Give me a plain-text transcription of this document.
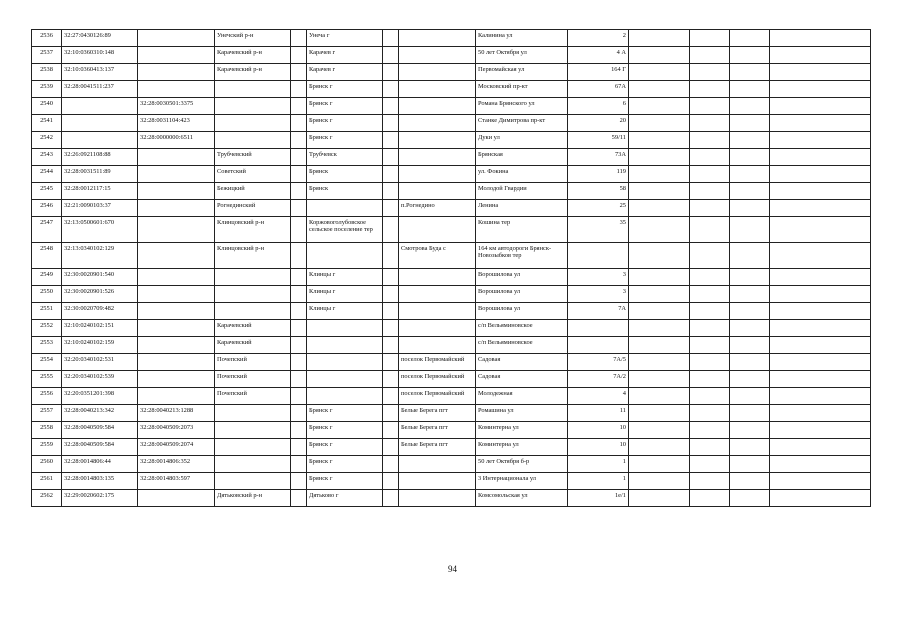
2536	32:27:0430126:89		Унечский р-н		Унеча г			Калинина ул	2				
2537	32:10:0360310:148		Карачевский р-н		Карачев г			50 лет Октября ул	4 А				
2538	32:10:0360413:137		Карачевский р-н		Карачев г			Первомайская ул	164 Г				
2539	32:28:0041511:237				Брянск г			Московский пр-кт	67А				
2540		32:28:0030501:3375			Брянск г			Романа Брянского ул	6				
2541		32:28:0031104:423			Брянск г			Станке Димитрова пр-кт	20				
2542		32:28:0000000:6511			Брянск г			Дуки ул	59/11				
2543	32:26:0921108:88		Трубчевский		Трубчевск			Брянская	73А				
2544	32:28:0031511:89		Советский		Брянск			ул. Фокина	119				
2545	32:28:0012117:15		Бежицкий		Брянск			Молодой Гвардии	58				
2546	32:21:0090103:37		Рогнединский				п.Рогнедино	Ленина	25				
2547	32:13:0500601:670		Клинцовский р-н		Коржовоголубовское сельское поселение тер			Кошина тер	35				
2548	32:13:0340102:129		Клинцовский р-н				Смотрова Буда с	164 км автодороги Брянск-Новозыбков тер					
2549	32:30:0020901:540				Клинцы г			Ворошилова ул	3				
2550	32:30:0020901:526				Клинцы г			Ворошилова ул	3				
2551	32:30:0020709:482				Клинцы г			Ворошилова ул	7А				
2552	32:10:0240102:151		Карачевский					с/п Вельяминовское					
2553	32:10:0240102:159		Карачевский					с/п Вельяминовское					
2554	32:20:0340102:531		Почепский				поселок Первомайский	Садовая	7А/5				
2555	32:20:0340102:539		Почепский				поселок Первомайский	Садовая	7А/2				
2556	32:20:0351201:398		Почепский				поселок Первомайский	Молодежная	4				
2557	32:28:0040213:342	32:28:0040213:1288			Брянск г		Белые Берега пгт	Ромашина ул	11				
2558	32:28:0040509:584	32:28:0040509:2073			Брянск г		Белые Берега пгт	Коминтерна ул	10				
2559	32:28:0040509:584	32:28:0040509:2074			Брянск г		Белые Берега пгт	Коминтерна ул	10				
2560	32:28:0014806:44	32:28:0014806:352			Брянск г			50 лет Октября б-р	1				
2561	32:28:0014803:135	32:28:0014803:597			Брянск г			3 Интернационала ул	1				
2562	32:29:0020602:175		Дятьковский р-н		Дятьково г			Комсомольская ул	1е/1				
94
